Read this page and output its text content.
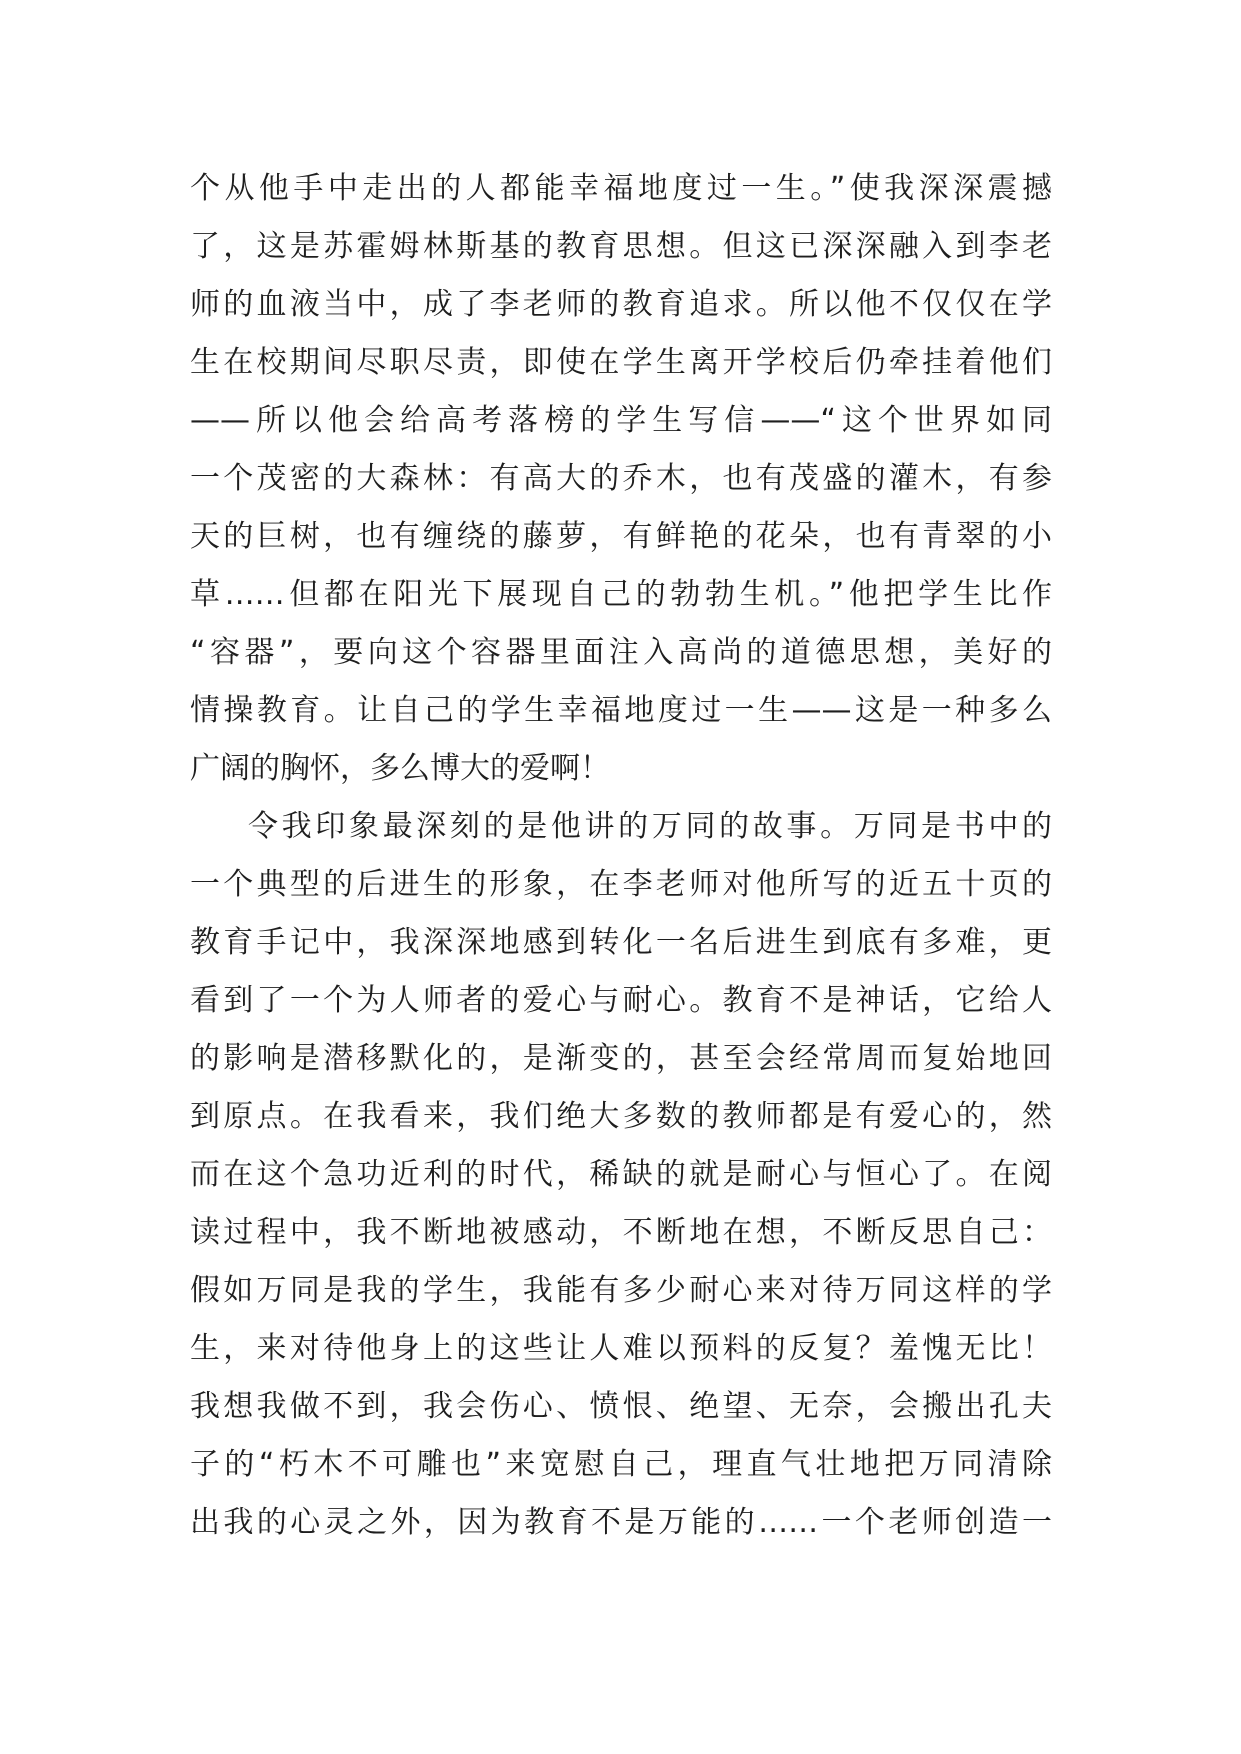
个从他手中走出的人都能幸福地度过一生。”使我深深震撼
了，这是苏霍姆林斯基的教育思想。但这已深深融入到李老
师的血液当中，成了李老师的教育追求。所以他不仅仅在学
生在校期间尽职尽责，即使在学生离开学校后仍牵挂着他们
——所以他会给高考落榜的学生写信——“这个世界如同
一个茂密的大森林：有高大的乔木，也有茂盛的灌木，有参
天的巨树，也有缠绕的藤萝，有鲜艳的花朵，也有青翠的小
草……但都在阳光下展现自己的勃勃生机。”他把学生比作
“容器”，要向这个容器里面注入高尚的道德思想，美好的
情操教育。让自己的学生幸福地度过一生——这是一种多么
广阔的胸怀，多么博大的爱啊！
令我印象最深刻的是他讲的万同的故事。万同是书中的
一个典型的后进生的形象，在李老师对他所写的近五十页的
教育手记中，我深深地感到转化一名后进生到底有多难，更
看到了一个为人师者的爱心与耐心。教育不是神话，它给人
的影响是潜移默化的，是渐变的，甚至会经常周而复始地回
到原点。在我看来，我们绝大多数的教师都是有爱心的，然
而在这个急功近利的时代，稀缺的就是耐心与恒心了。在阅
读过程中，我不断地被感动，不断地在想，不断反思自己：
假如万同是我的学生，我能有多少耐心来对待万同这样的学
生，来对待他身上的这些让人难以预料的反复？羞愧无比！
我想我做不到，我会伤心、愤恨、绝望、无奈，会搬出孔夫
子的“朽木不可雕也”来宽慰自己，理直气壮地把万同清除
出我的心灵之外，因为教育不是万能的……一个老师创造一
